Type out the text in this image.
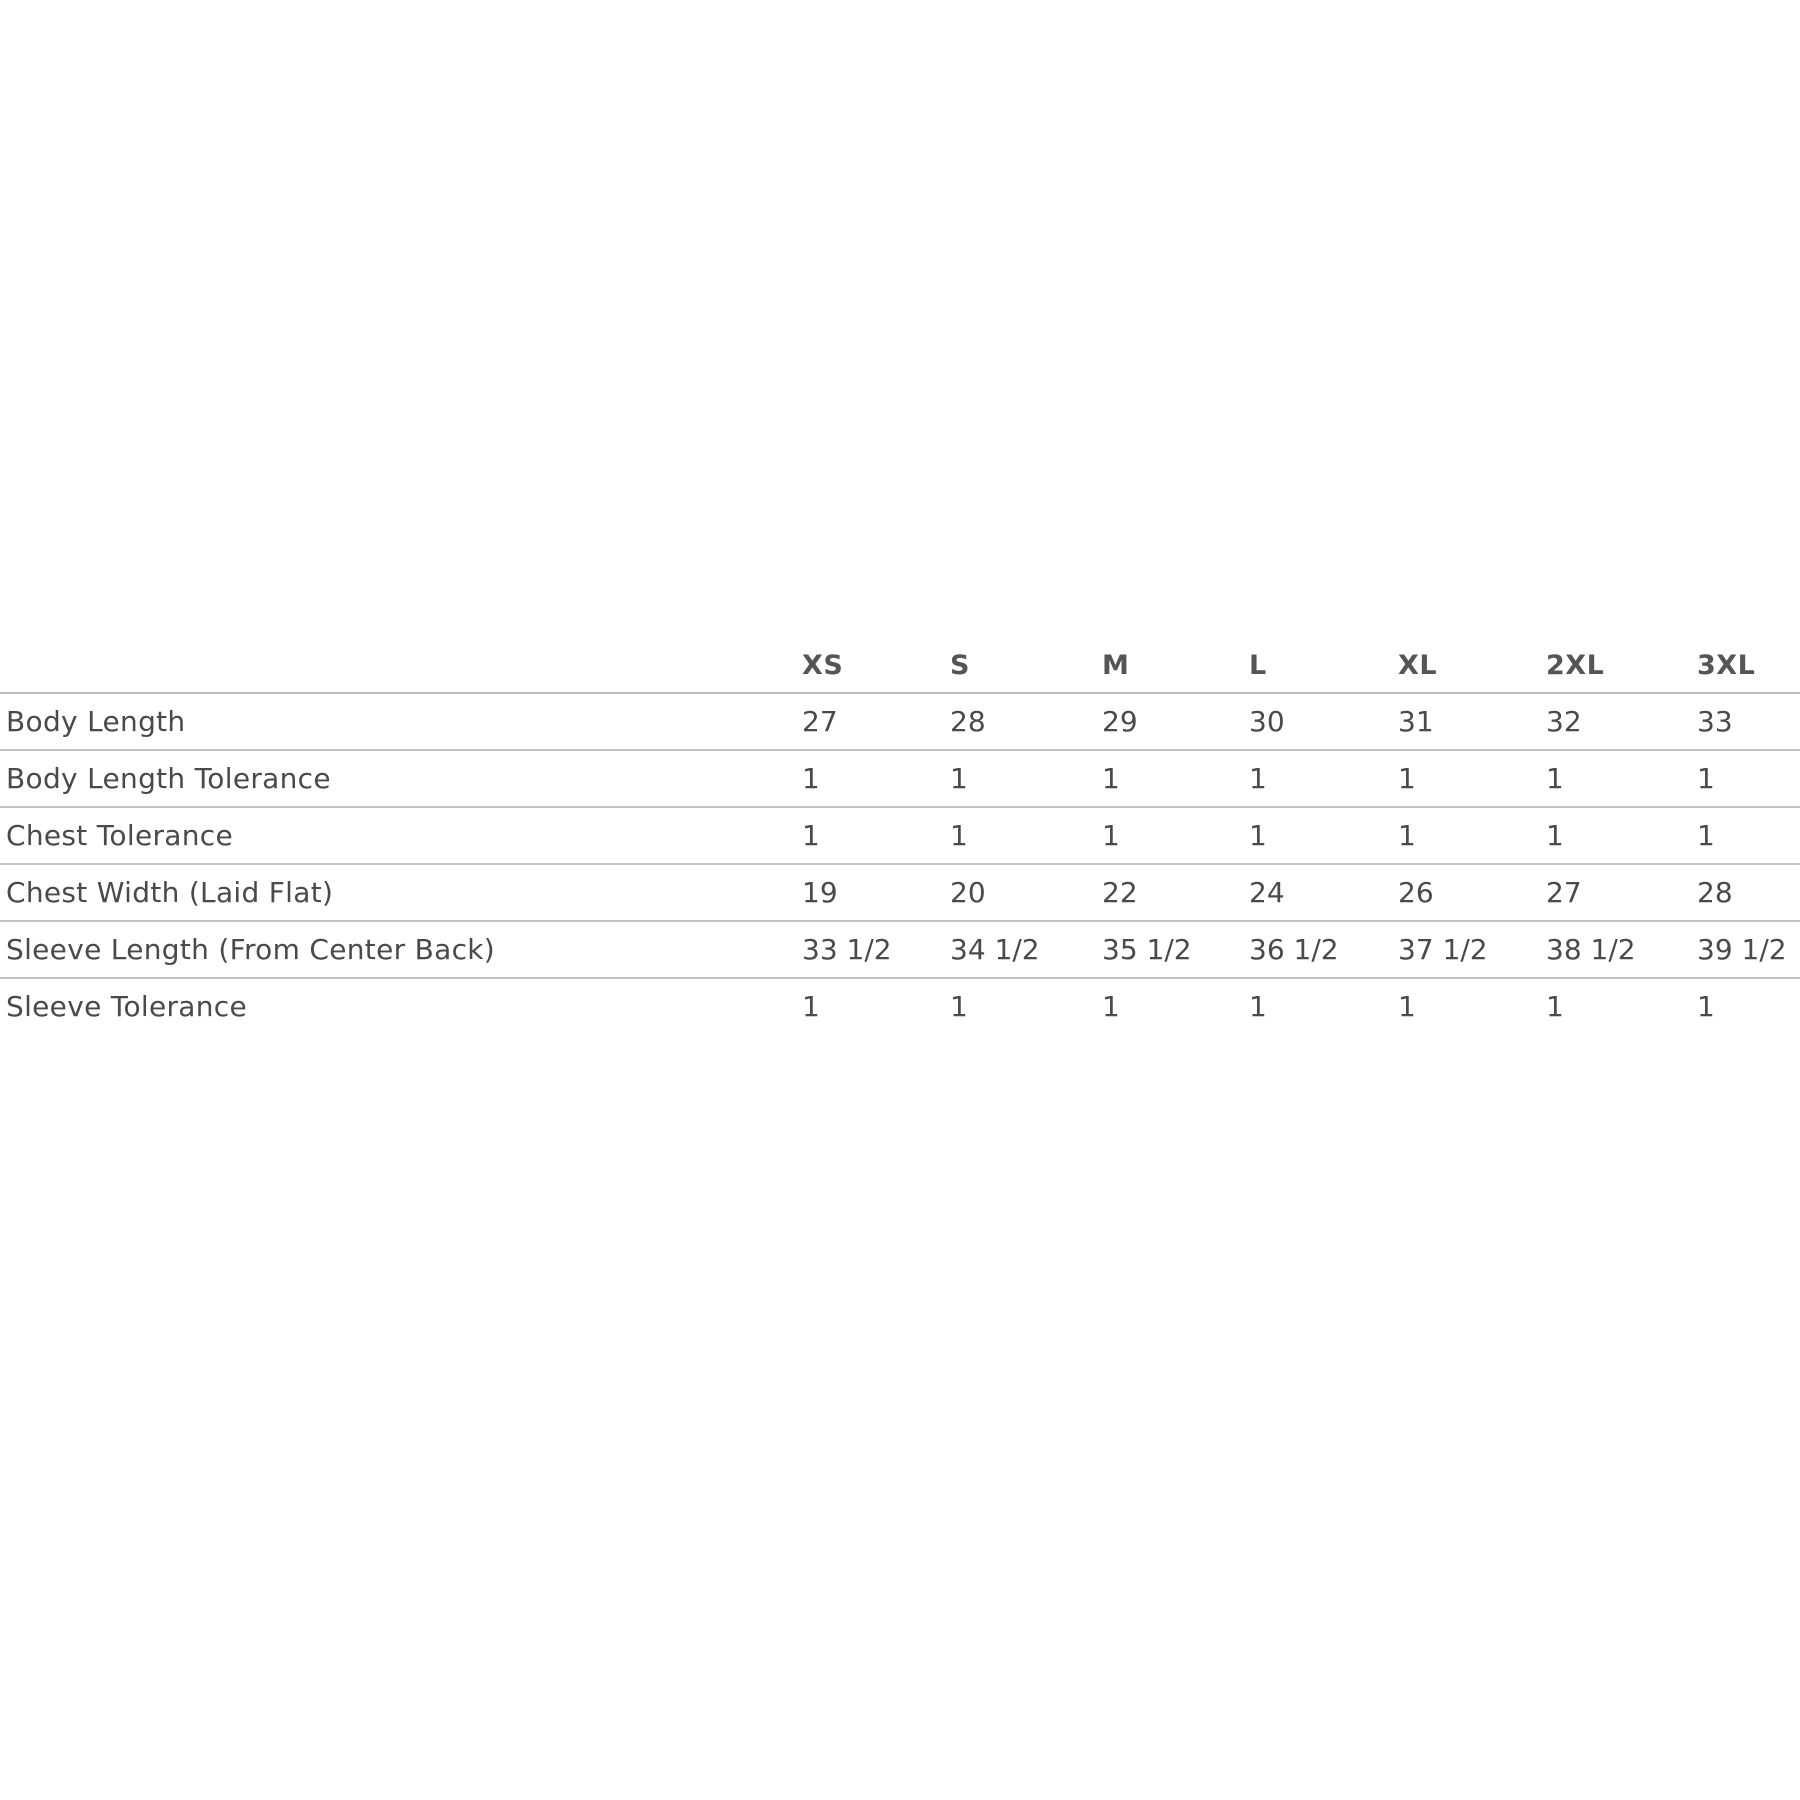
	XS	S	M	L	XL	2XL	3XL
Body Length	27	28	29	30	31	32	33
Body Length Tolerance	1	1	1	1	1	1	1
Chest Tolerance	1	1	1	1	1	1	1
Chest Width (Laid Flat)	19	20	22	24	26	27	28
Sleeve Length (From Center Back)	33 1/2	34 1/2	35 1/2	36 1/2	37 1/2	38 1/2	39 1/2
Sleeve Tolerance	1	1	1	1	1	1	1
